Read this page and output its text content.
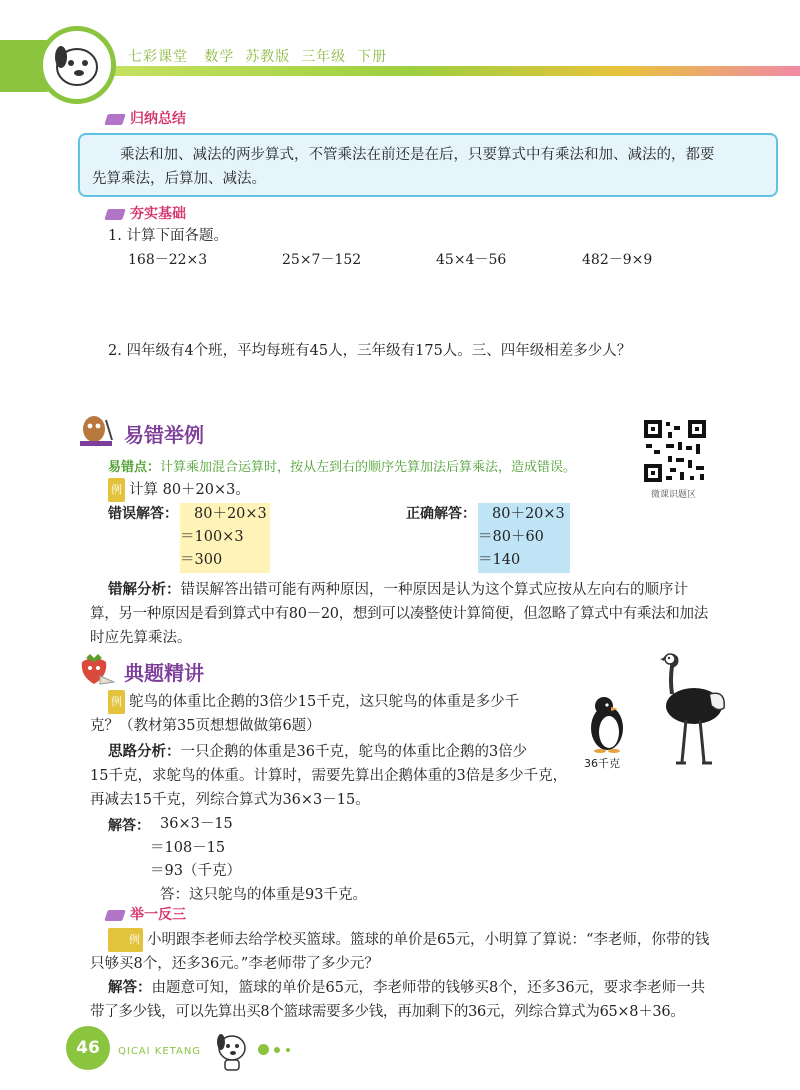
七彩课堂 数学 苏教版 三年级 下册
归纳总结
乘法和加、减法的两步算式，不管乘法在前还是在后，只要算式中有乘法和加、减法的，都要
先算乘法，后算加、减法。
夯实基础
1. 计算下面各题。
168－22×3	25×7－152	45×4－56	482－9×9
2. 四年级有4个班，平均每班有45人，三年级有175人。三、四年级相差多少人？
易错举例
微课识题区
易错点：计算乘加混合运算时，按从左到右的顺序先算加法后算乘法，造成错误。
例 计算 80＋20×3。
错误解答：	80＋20×3
＝100×3
＝300
正确解答：	80＋20×3
＝80＋60
＝140
错解分析：错误解答出错可能有两种原因，一种原因是认为这个算式应按从左向右的顺序计
算，另一种原因是看到算式中有80－20，想到可以凑整使计算简便，但忽略了算式中有乘法和加法
时应先算乘法。
典题精讲
例 鸵鸟的体重比企鹅的3倍少15千克，这只鸵鸟的体重是多少千
克？（教材第35页想想做做第6题）
思路分析：一只企鹅的体重是36千克，鸵鸟的体重比企鹅的3倍少
15千克，求鸵鸟的体重。计算时，需要先算出企鹅体重的3倍是多少千克，
再减去15千克，列综合算式为36×3－15。
解答： 36×3－15
＝108－15
＝93（千克）
答：这只鸵鸟的体重是93千克。
36千克
举一反三
例 小明跟李老师去给学校买篮球。篮球的单价是65元，小明算了算说：“李老师，你带的钱
只够买8个，还多36元。”李老师带了多少元？
解答：由题意可知，篮球的单价是65元，李老师带的钱够买8个，还多36元，要求李老师一共
带了多少钱，可以先算出买8个篮球需要多少钱，再加剩下的36元，列综合算式为65×8＋36。
46	QICAI KETANG
